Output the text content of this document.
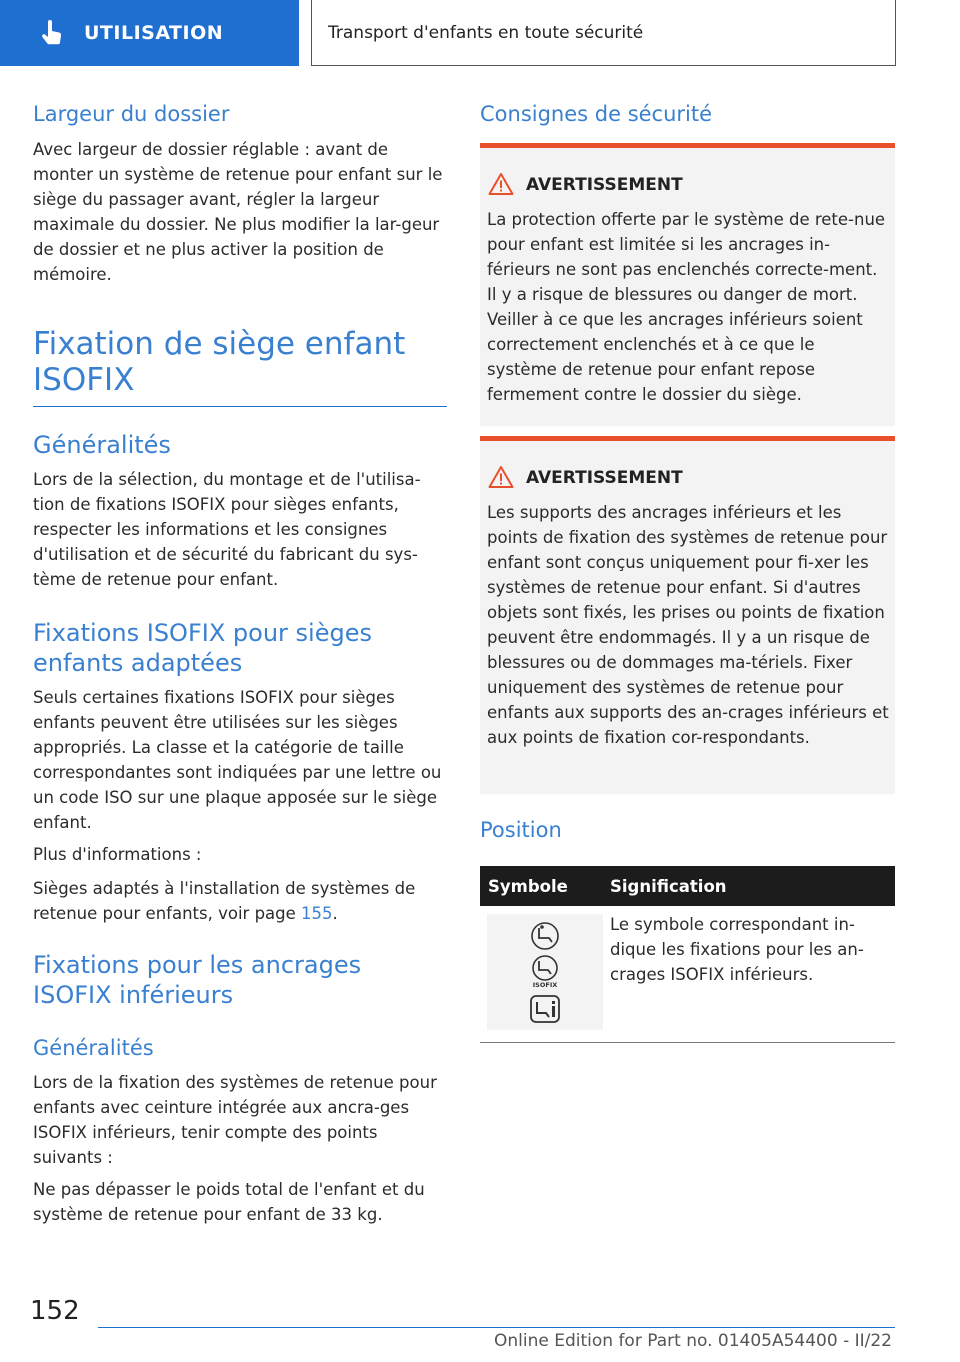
UTILISATION	Transport d'enfants en toute sécurité
Largeur du dossier
Avec largeur de dossier réglable : avant de monter un système de retenue pour enfant sur le siège du passager avant, régler la largeur maximale du dossier. Ne plus modifier la lar-geur de dossier et ne plus activer la position de mémoire.
Fixation de siège enfant
ISOFIX
Généralités
Lors de la sélection, du montage et de l'utilisa-tion de fixations ISOFIX pour sièges enfants, respecter les informations et les consignes d'utilisation et de sécurité du fabricant du sys-tème de retenue pour enfant.
Fixations ISOFIX pour sièges enfants adaptées
Seuls certaines fixations ISOFIX pour sièges enfants peuvent être utilisées sur les sièges appropriés. La classe et la catégorie de taille correspondantes sont indiquées par une lettre ou un code ISO sur une plaque apposée sur le siège enfant.
Plus d'informations :
Sièges adaptés à l'installation de systèmes de retenue pour enfants, voir page 155.
Fixations pour les ancrages ISOFIX inférieurs
Généralités
Lors de la fixation des systèmes de retenue pour enfants avec ceinture intégrée aux ancra-ges ISOFIX inférieurs, tenir compte des points suivants :
Ne pas dépasser le poids total de l'enfant et du système de retenue pour enfant de 33 kg.
Consignes de sécurité
AVERTISSEMENT
La protection offerte par le système de rete-nue pour enfant est limitée si les ancrages in-férieurs ne sont pas enclenchés correcte-ment. Il y a risque de blessures ou danger de mort. Veiller à ce que les ancrages inférieurs soient correctement enclenchés et à ce que le système de retenue pour enfant repose fermement contre le dossier du siège.
AVERTISSEMENT
Les supports des ancrages inférieurs et les points de fixation des systèmes de retenue pour enfant sont conçus uniquement pour fi-xer les systèmes de retenue pour enfant. Si d'autres objets sont fixés, les prises ou points de fixation peuvent être endommagés. Il y a un risque de blessures ou de dommages ma-tériels. Fixer uniquement des systèmes de retenue pour enfants aux supports des an-crages inférieurs et aux points de fixation cor-respondants.
Position
Symbole	Signification
ISOFIX
Le symbole correspondant in-dique les fixations pour les an-crages ISOFIX inférieurs.
152
Online Edition for Part no. 01405A54400 - II/22
